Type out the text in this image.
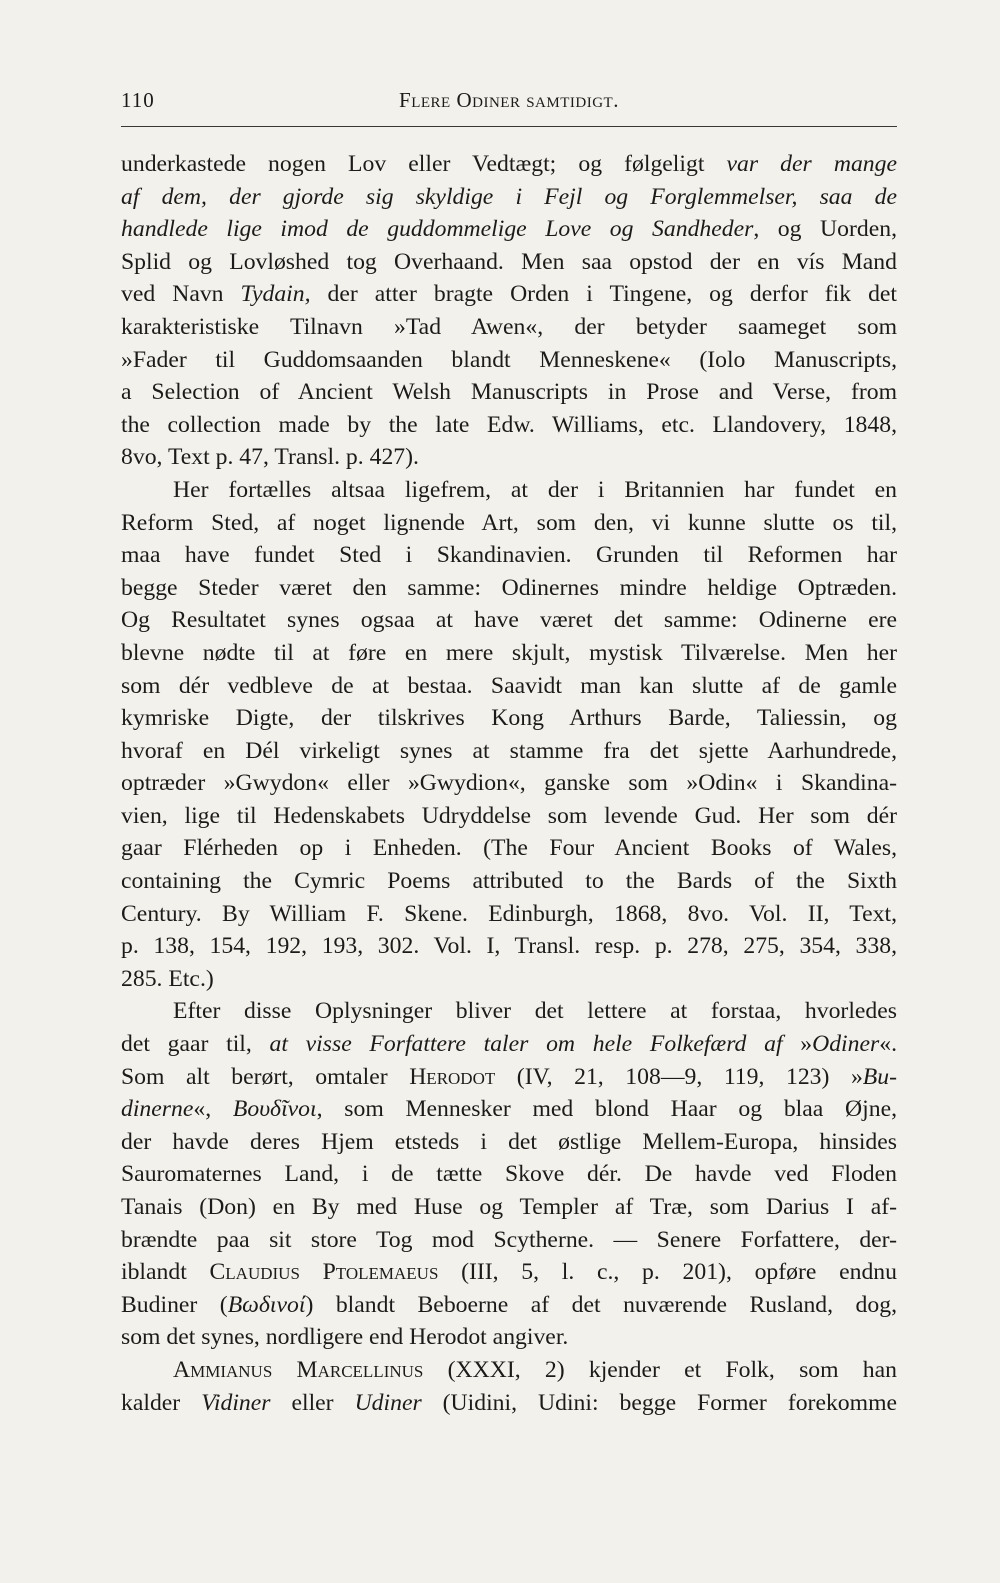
110	Flere Odiner samtidigt.
underkastede nogen Lov eller Vedtægt; og følgeligt var der mange
af dem, der gjorde sig skyldige i Fejl og Forglemmelser, saa de
handlede lige imod de guddommelige Love og Sandheder, og Uorden,
Splid og Lovløshed tog Overhaand. Men saa opstod der en vís Mand
ved Navn Tydain, der atter bragte Orden i Tingene, og derfor fik det
karakteristiske Tilnavn »Tad Awen«, der betyder saameget som
»Fader til Guddomsaanden blandt Menneskene« (Iolo Manuscripts,
a Selection of Ancient Welsh Manuscripts in Prose and Verse, from
the collection made by the late Edw. Williams, etc. Llandovery, 1848,
8vo, Text p. 47, Transl. p. 427).
Her fortælles altsaa ligefrem, at der i Britannien har fundet en
Reform Sted, af noget lignende Art, som den, vi kunne slutte os til,
maa have fundet Sted i Skandinavien. Grunden til Reformen har
begge Steder været den samme: Odinernes mindre heldige Optræden.
Og Resultatet synes ogsaa at have været det samme: Odinerne ere
blevne nødte til at føre en mere skjult, mystisk Tilværelse. Men her
som dér vedbleve de at bestaa. Saavidt man kan slutte af de gamle
kymriske Digte, der tilskrives Kong Arthurs Barde, Taliessin, og
hvoraf en Dél virkeligt synes at stamme fra det sjette Aarhundrede,
optræder »Gwydon« eller »Gwydion«, ganske som »Odin« i Skandina-
vien, lige til Hedenskabets Udryddelse som levende Gud. Her som dér
gaar Flérheden op i Enheden. (The Four Ancient Books of Wales,
containing the Cymric Poems attributed to the Bards of the Sixth
Century. By William F. Skene. Edinburgh, 1868, 8vo. Vol. II, Text,
p. 138, 154, 192, 193, 302. Vol. I, Transl. resp. p. 278, 275, 354, 338,
285. Etc.)
Efter disse Oplysninger bliver det lettere at forstaa, hvorledes
det gaar til, at visse Forfattere taler om hele Folkefærd af »Odiner«.
Som alt berørt, omtaler Herodot (IV, 21, 108—9, 119, 123) »Bu-
dinerne«, Βουδῖνοι, som Mennesker med blond Haar og blaa Øjne,
der havde deres Hjem etsteds i det østlige Mellem-Europa, hinsides
Sauromaternes Land, i de tætte Skove dér. De havde ved Floden
Tanais (Don) en By med Huse og Templer af Træ, som Darius I af-
brændte paa sit store Tog mod Scytherne. — Senere Forfattere, der-
iblandt Claudius Ptolemaeus (III, 5, l. c., p. 201), opføre endnu
Budiner (Βωδινοί) blandt Beboerne af det nuværende Rusland, dog,
som det synes, nordligere end Herodot angiver.
Ammianus Marcellinus (XXXI, 2) kjender et Folk, som han
kalder Vidiner eller Udiner (Uidini, Udini: begge Former forekomme
